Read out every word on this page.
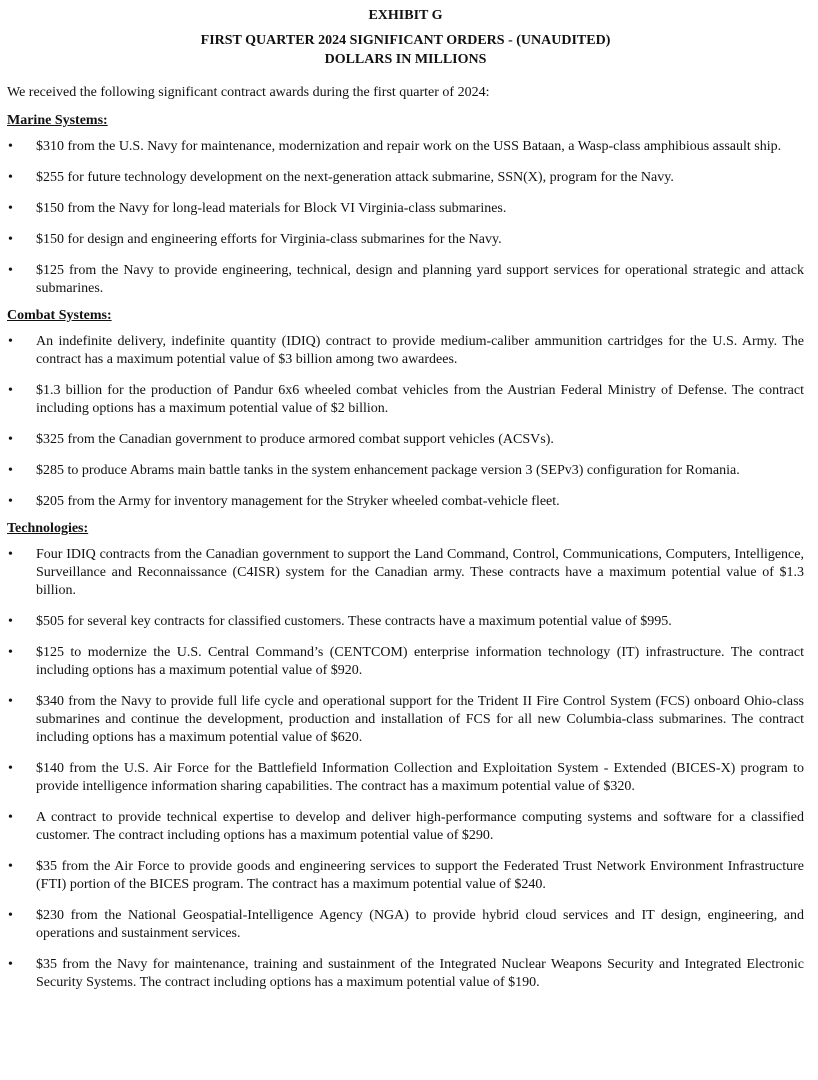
EXHIBIT G
FIRST QUARTER 2024 SIGNIFICANT ORDERS - (UNAUDITED)
DOLLARS IN MILLIONS
We received the following significant contract awards during the first quarter of 2024:
Marine Systems:
• $310 from the U.S. Navy for maintenance, modernization and repair work on the USS Bataan, a Wasp-class amphibious assault ship.
• $255 for future technology development on the next-generation attack submarine, SSN(X), program for the Navy.
• $150 from the Navy for long-lead materials for Block VI Virginia-class submarines.
• $150 for design and engineering efforts for Virginia-class submarines for the Navy.
• $125 from the Navy to provide engineering, technical, design and planning yard support services for operational strategic and attack submarines.
Combat Systems:
• An indefinite delivery, indefinite quantity (IDIQ) contract to provide medium-caliber ammunition cartridges for the U.S. Army. The contract has a maximum potential value of $3 billion among two awardees.
• $1.3 billion for the production of Pandur 6x6 wheeled combat vehicles from the Austrian Federal Ministry of Defense. The contract including options has a maximum potential value of $2 billion.
• $325 from the Canadian government to produce armored combat support vehicles (ACSVs).
• $285 to produce Abrams main battle tanks in the system enhancement package version 3 (SEPv3) configuration for Romania.
• $205 from the Army for inventory management for the Stryker wheeled combat-vehicle fleet.
Technologies:
• Four IDIQ contracts from the Canadian government to support the Land Command, Control, Communications, Computers, Intelligence, Surveillance and Reconnaissance (C4ISR) system for the Canadian army. These contracts have a maximum potential value of $1.3 billion.
• $505 for several key contracts for classified customers. These contracts have a maximum potential value of $995.
• $125 to modernize the U.S. Central Command’s (CENTCOM) enterprise information technology (IT) infrastructure. The contract including options has a maximum potential value of $920.
• $340 from the Navy to provide full life cycle and operational support for the Trident II Fire Control System (FCS) onboard Ohio-class submarines and continue the development, production and installation of FCS for all new Columbia-class submarines. The contract including options has a maximum potential value of $620.
• $140 from the U.S. Air Force for the Battlefield Information Collection and Exploitation System - Extended (BICES-X) program to provide intelligence information sharing capabilities. The contract has a maximum potential value of $320.
• A contract to provide technical expertise to develop and deliver high-performance computing systems and software for a classified customer. The contract including options has a maximum potential value of $290.
• $35 from the Air Force to provide goods and engineering services to support the Federated Trust Network Environment Infrastructure (FTI) portion of the BICES program. The contract has a maximum potential value of $240.
• $230 from the National Geospatial-Intelligence Agency (NGA) to provide hybrid cloud services and IT design, engineering, and operations and sustainment services.
• $35 from the Navy for maintenance, training and sustainment of the Integrated Nuclear Weapons Security and Integrated Electronic Security Systems. The contract including options has a maximum potential value of $190.
